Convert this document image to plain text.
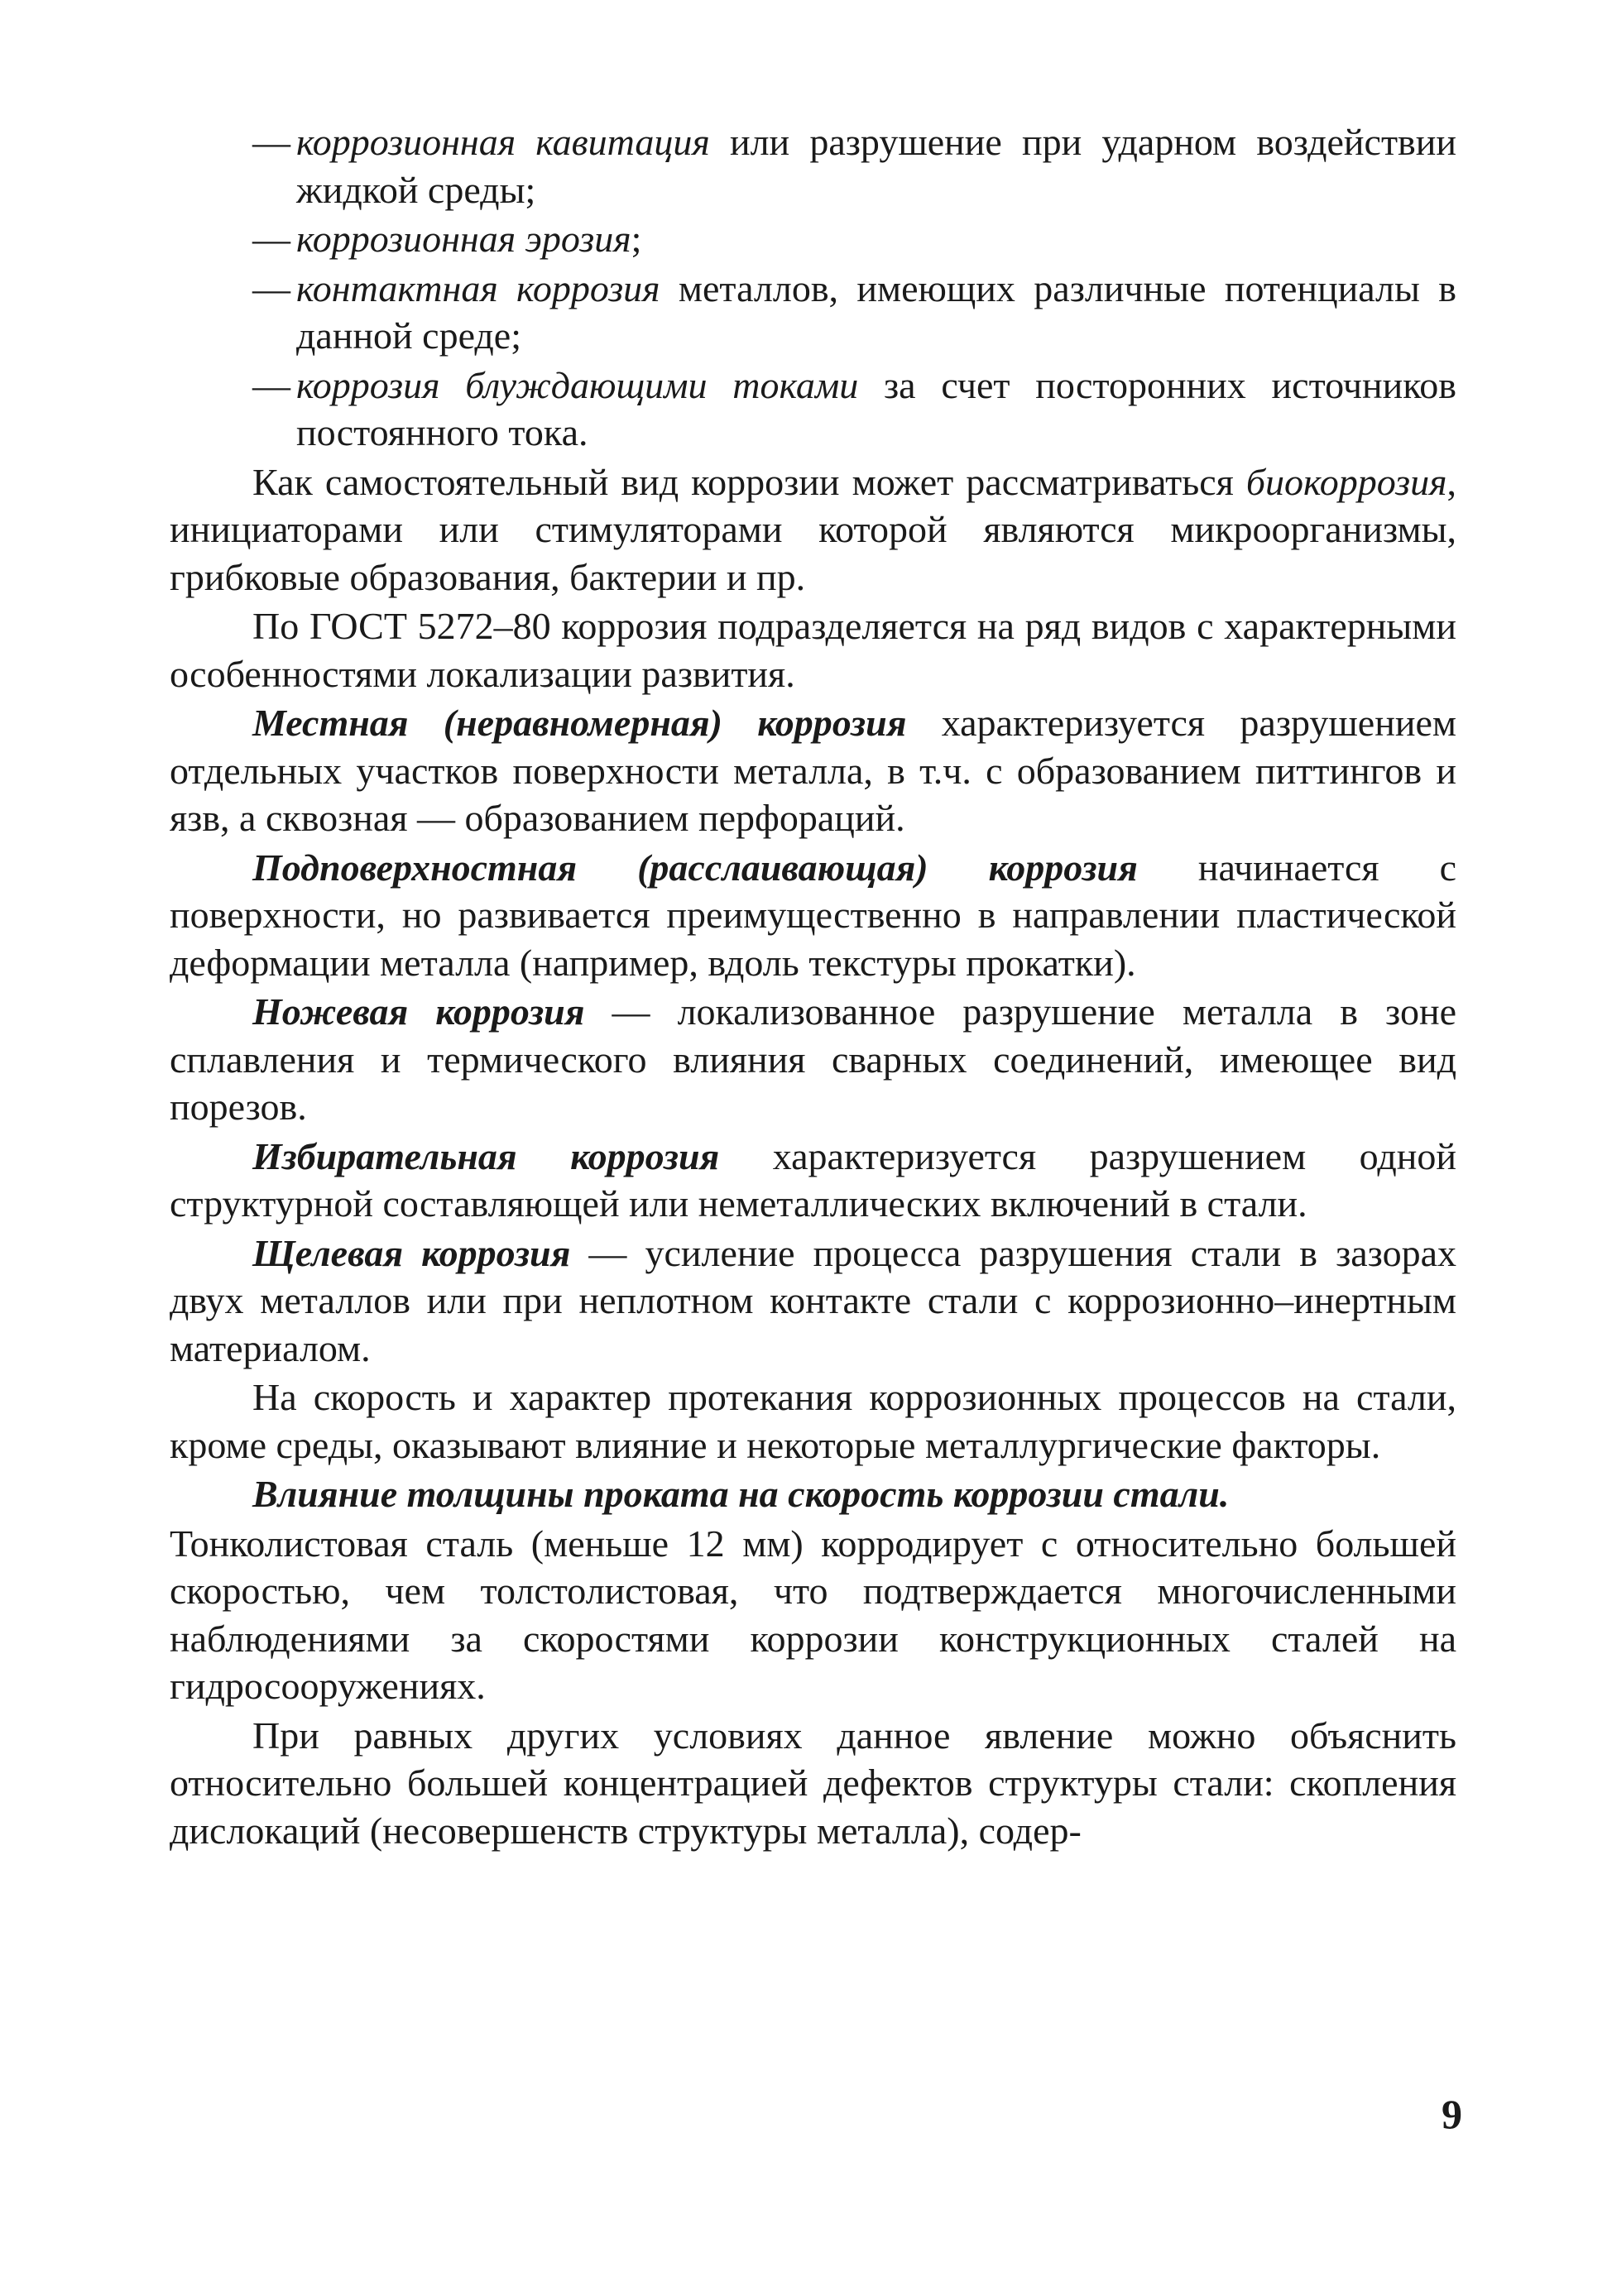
— коррозионная кавитация или разрушение при ударном воздействии жидкой среды;
— коррозионная эрозия;
— контактная коррозия металлов, имеющих различные потенциалы в данной среде;
— коррозия блуждающими токами за счет посторонних источников постоянного тока.

Как самостоятельный вид коррозии может рассматриваться биокоррозия, инициаторами или стимуляторами которой являются микроорганизмы, грибковые образования, бактерии и пр.

По ГОСТ 5272–80 коррозия подразделяется на ряд видов с характерными особенностями локализации развития.

Местная (неравномерная) коррозия характеризуется разрушением отдельных участков поверхности металла, в т.ч. с образованием питтингов и язв, а сквозная — образованием перфораций.

Подповерхностная (расслаивающая) коррозия начинается с поверхности, но развивается преимущественно в направлении пластической деформации металла (например, вдоль текстуры прокатки).

Ножевая коррозия — локализованное разрушение металла в зоне сплавления и термического влияния сварных соединений, имеющее вид порезов.

Избирательная коррозия характеризуется разрушением одной структурной составляющей или неметаллических включений в стали.

Щелевая коррозия — усиление процесса разрушения стали в зазорах двух металлов или при неплотном контакте стали с коррозионно–инертным материалом.

На скорость и характер протекания коррозионных процессов на стали, кроме среды, оказывают влияние и некоторые металлургические факторы.

Влияние толщины проката на скорость коррозии стали.

Тонколистовая сталь (меньше 12 мм) корродирует с относительно большей скоростью, чем толстолистовая, что подтверждается многочисленными наблюдениями за скоростями коррозии конструкционных сталей на гидросооружениях.

При равных других условиях данное явление можно объяснить относительно большей концентрацией дефектов структуры стали: скопления дислокаций (несовершенств структуры металла), содер-

9
